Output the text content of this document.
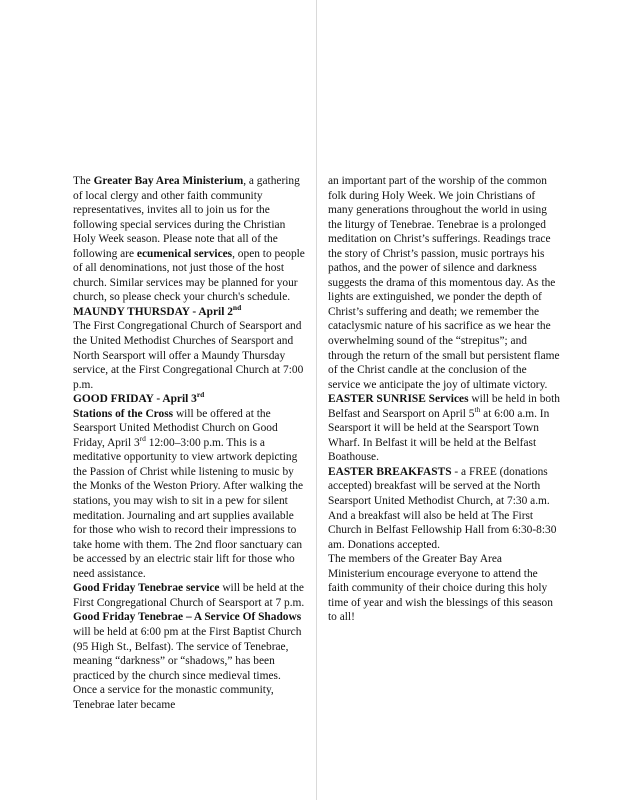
The Greater Bay Area Ministerium, a gathering of local clergy and other faith community representatives, invites all to join us for the following special services during the Christian Holy Week season. Please note that all of the following are ecumenical services, open to people of all denominations, not just those of the host church. Similar services may be planned for your church, so please check your church's schedule.

MAUNDY THURSDAY - April 2nd

The First Congregational Church of Searsport and the United Methodist Churches of Searsport and North Searsport will offer a Maundy Thursday service, at the First Congregational Church at 7:00 p.m.

GOOD FRIDAY - April 3rd

Stations of the Cross will be offered at the Searsport United Methodist Church on Good Friday, April 3rd 12:00–3:00 p.m. This is a meditative opportunity to view artwork depicting the Passion of Christ while listening to music by the Monks of the Weston Priory. After walking the stations, you may wish to sit in a pew for silent meditation. Journaling and art supplies available for those who wish to record their impressions to take home with them. The 2nd floor sanctuary can be accessed by an electric stair lift for those who need assistance.

Good Friday Tenebrae service will be held at the First Congregational Church of Searsport at 7 p.m.

Good Friday Tenebrae – A Service Of Shadows will be held at 6:00 pm at the First Baptist Church (95 High St., Belfast). The service of Tenebrae, meaning “darkness” or “shadows,” has been practiced by the church since medieval times. Once a service for the monastic community, Tenebrae later became

an important part of the worship of the common folk during Holy Week. We join Christians of many generations throughout the world in using the liturgy of Tenebrae. Tenebrae is a prolonged meditation on Christ’s sufferings. Readings trace the story of Christ’s passion, music portrays his pathos, and the power of silence and darkness suggests the drama of this momentous day. As the lights are extinguished, we ponder the depth of Christ’s suffering and death; we remember the cataclysmic nature of his sacrifice as we hear the overwhelming sound of the “strepitus”; and through the return of the small but persistent flame of the Christ candle at the conclusion of the service we anticipate the joy of ultimate victory.

EASTER SUNRISE Services will be held in both Belfast and Searsport on April 5th at 6:00 a.m. In Searsport it will be held at the Searsport Town Wharf. In Belfast it will be held at the Belfast Boathouse.

EASTER BREAKFASTS - a FREE (donations accepted) breakfast will be served at the North Searsport United Methodist Church, at 7:30 a.m. And a breakfast will also be held at The First Church in Belfast Fellowship Hall from 6:30-8:30 am. Donations accepted.

The members of the Greater Bay Area Ministerium encourage everyone to attend the faith community of their choice during this holy time of year and wish the blessings of this season to all!
